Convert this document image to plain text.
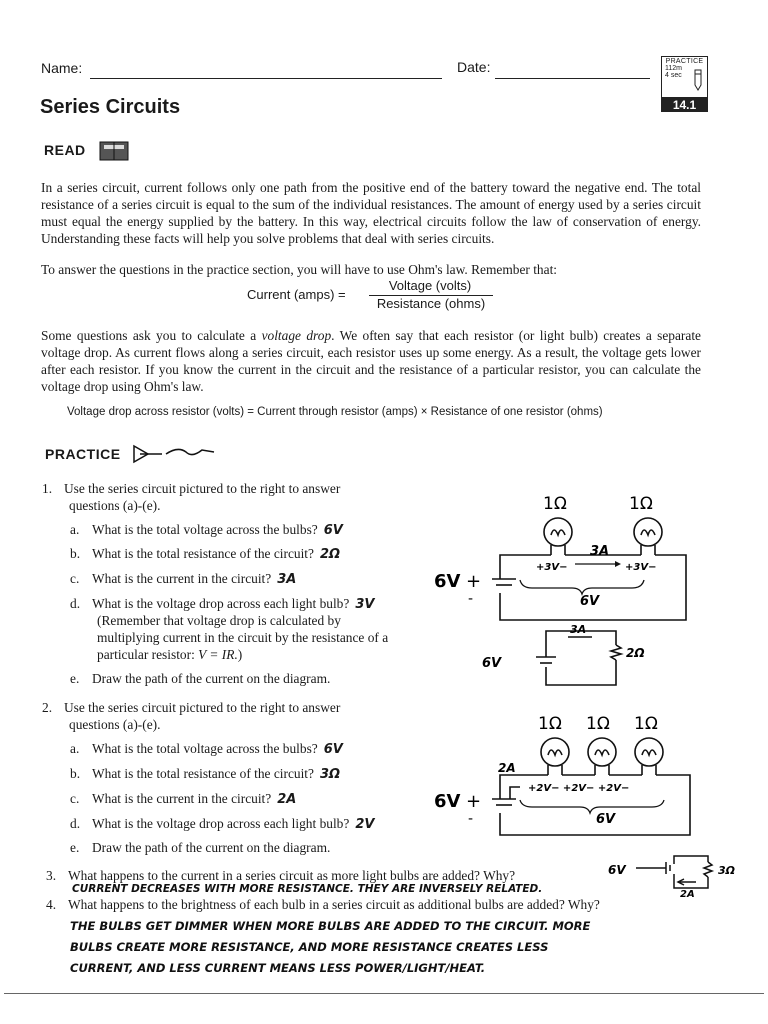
Name:	Date:	PRACTICE
112m
4 sec
14.1
Series Circuits
READ
In a series circuit, current follows only one path from the positive end of the battery toward the negative end. The total resistance of a series circuit is equal to the sum of the individual resistances. The amount of energy used by a series circuit must equal the energy supplied by the battery. In this way, electrical circuits follow the law of conservation of energy. Understanding these facts will help you solve problems that deal with series circuits.
To answer the questions in the practice section, you will have to use Ohm's law. Remember that:
Current (amps) =
Voltage (volts)
Resistance (ohms)
Some questions ask you to calculate a voltage drop. We often say that each resistor (or light bulb) creates a separate voltage drop. As current flows along a series circuit, each resistor uses up some energy. As a result, the voltage gets lower after each resistor. If you know the current in the circuit and the resistance of a particular resistor, you can calculate the voltage drop using Ohm's law.
Voltage drop across resistor (volts) = Current through resistor (amps) × Resistance of one resistor (ohms)
PRACTICE
1. Use the series circuit pictured to the right to answer
questions (a)-(e).
a. What is the total voltage across the bulbs? 6V
b. What is the total resistance of the circuit? 2Ω
c. What is the current in the circuit? 3A
d. What is the voltage drop across each light bulb? 3V
(Remember that voltage drop is calculated by
multiplying current in the circuit by the resistance of a
particular resistor: V = IR.)
e. Draw the path of the current on the diagram.
2. Use the series circuit pictured to the right to answer
questions (a)-(e).
a. What is the total voltage across the bulbs? 6V
b. What is the total resistance of the circuit? 3Ω
c. What is the current in the circuit? 2A
d. What is the voltage drop across each light bulb? 2V
e. Draw the path of the current on the diagram.
3. What happens to the current in a series circuit as more light bulbs are added? Why?
CURRENT DECREASES WITH MORE RESISTANCE. THEY ARE INVERSELY RELATED.
4. What happens to the brightness of each bulb in a series circuit as additional bulbs are added? Why?
THE BULBS GET DIMMER WHEN MORE BULBS ARE ADDED TO THE CIRCUIT. MORE
BULBS CREATE MORE RESISTANCE, AND MORE RESISTANCE CREATES LESS
CURRENT, AND LESS CURRENT MEANS LESS POWER/LIGHT/HEAT.
1Ω	1Ω
6V +
-
3A
+3V−	+3V−
6V
3A
6V
2Ω
1Ω 1Ω 1Ω
6V +
-
2A
+2V− +2V− +2V−
6V
6V	3Ω
2A
